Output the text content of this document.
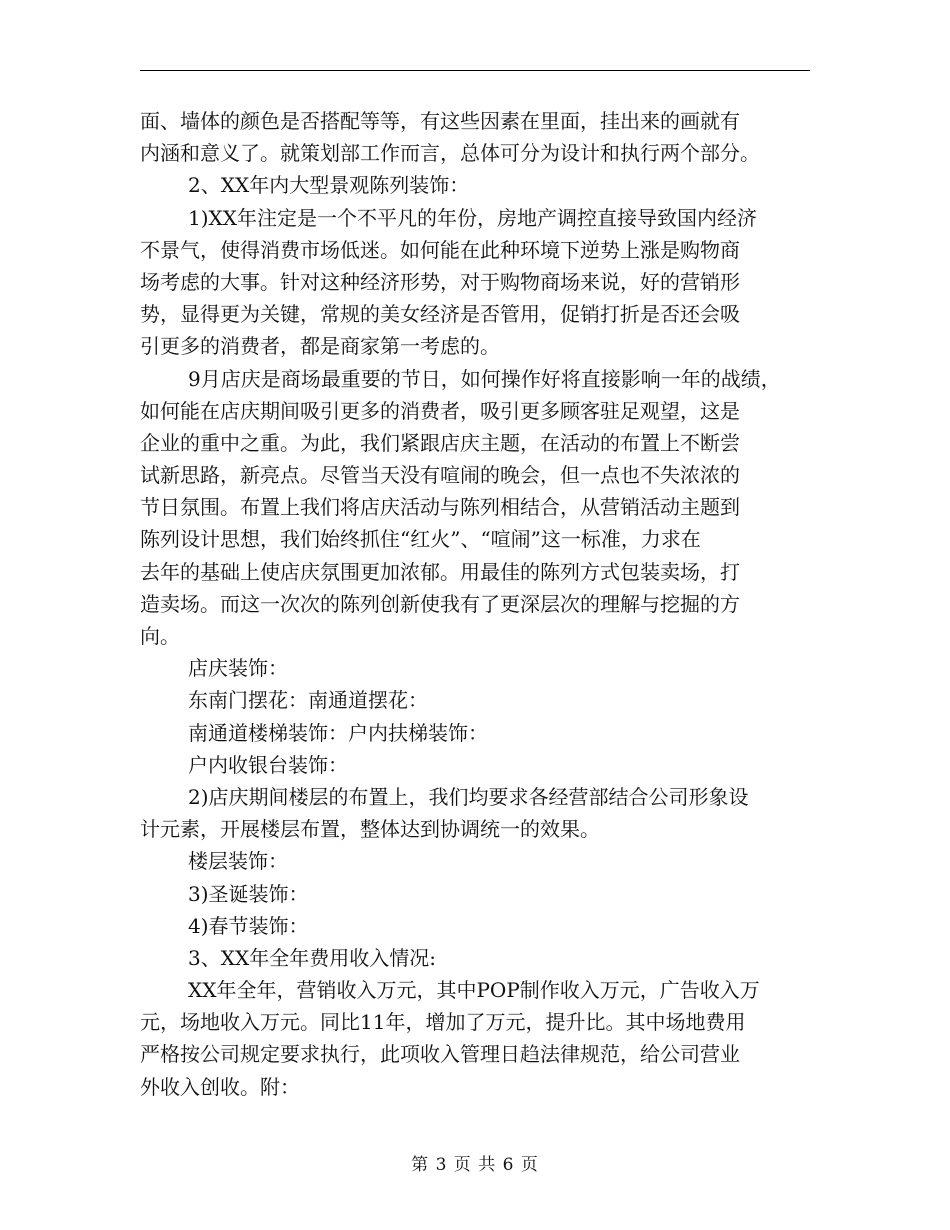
面、墙体的颜色是否搭配等等，有这些因素在里面，挂出来的画就有
内涵和意义了。就策划部工作而言，总体可分为设计和执行两个部分。
2、XX年内大型景观陈列装饰：
1)XX年注定是一个不平凡的年份，房地产调控直接导致国内经济
不景气，使得消费市场低迷。如何能在此种环境下逆势上涨是购物商
场考虑的大事。针对这种经济形势，对于购物商场来说，好的营销形
势，显得更为关键，常规的美女经济是否管用，促销打折是否还会吸
引更多的消费者，都是商家第一考虑的。
9月店庆是商场最重要的节日，如何操作好将直接影响一年的战绩，
如何能在店庆期间吸引更多的消费者，吸引更多顾客驻足观望，这是
企业的重中之重。为此，我们紧跟店庆主题，在活动的布置上不断尝
试新思路，新亮点。尽管当天没有喧闹的晚会，但一点也不失浓浓的
节日氛围。布置上我们将店庆活动与陈列相结合，从营销活动主题到
陈列设计思想，我们始终抓住“红火”、“喧闹”这一标准，力求在
去年的基础上使店庆氛围更加浓郁。用最佳的陈列方式包装卖场，打
造卖场。而这一次次的陈列创新使我有了更深层次的理解与挖掘的方
向。
店庆装饰：
东南门摆花：南通道摆花：
南通道楼梯装饰：户内扶梯装饰：
户内收银台装饰：
2)店庆期间楼层的布置上，我们均要求各经营部结合公司形象设
计元素，开展楼层布置，整体达到协调统一的效果。
楼层装饰：
3)圣诞装饰：
4)春节装饰：
3、XX年全年费用收入情况:
XX年全年，营销收入万元，其中POP制作收入万元，广告收入万
元，场地收入万元。同比11年，增加了万元，提升比。其中场地费用
严格按公司规定要求执行，此项收入管理日趋法律规范，给公司营业
外收入创收。附：
第 3 页 共 6 页
